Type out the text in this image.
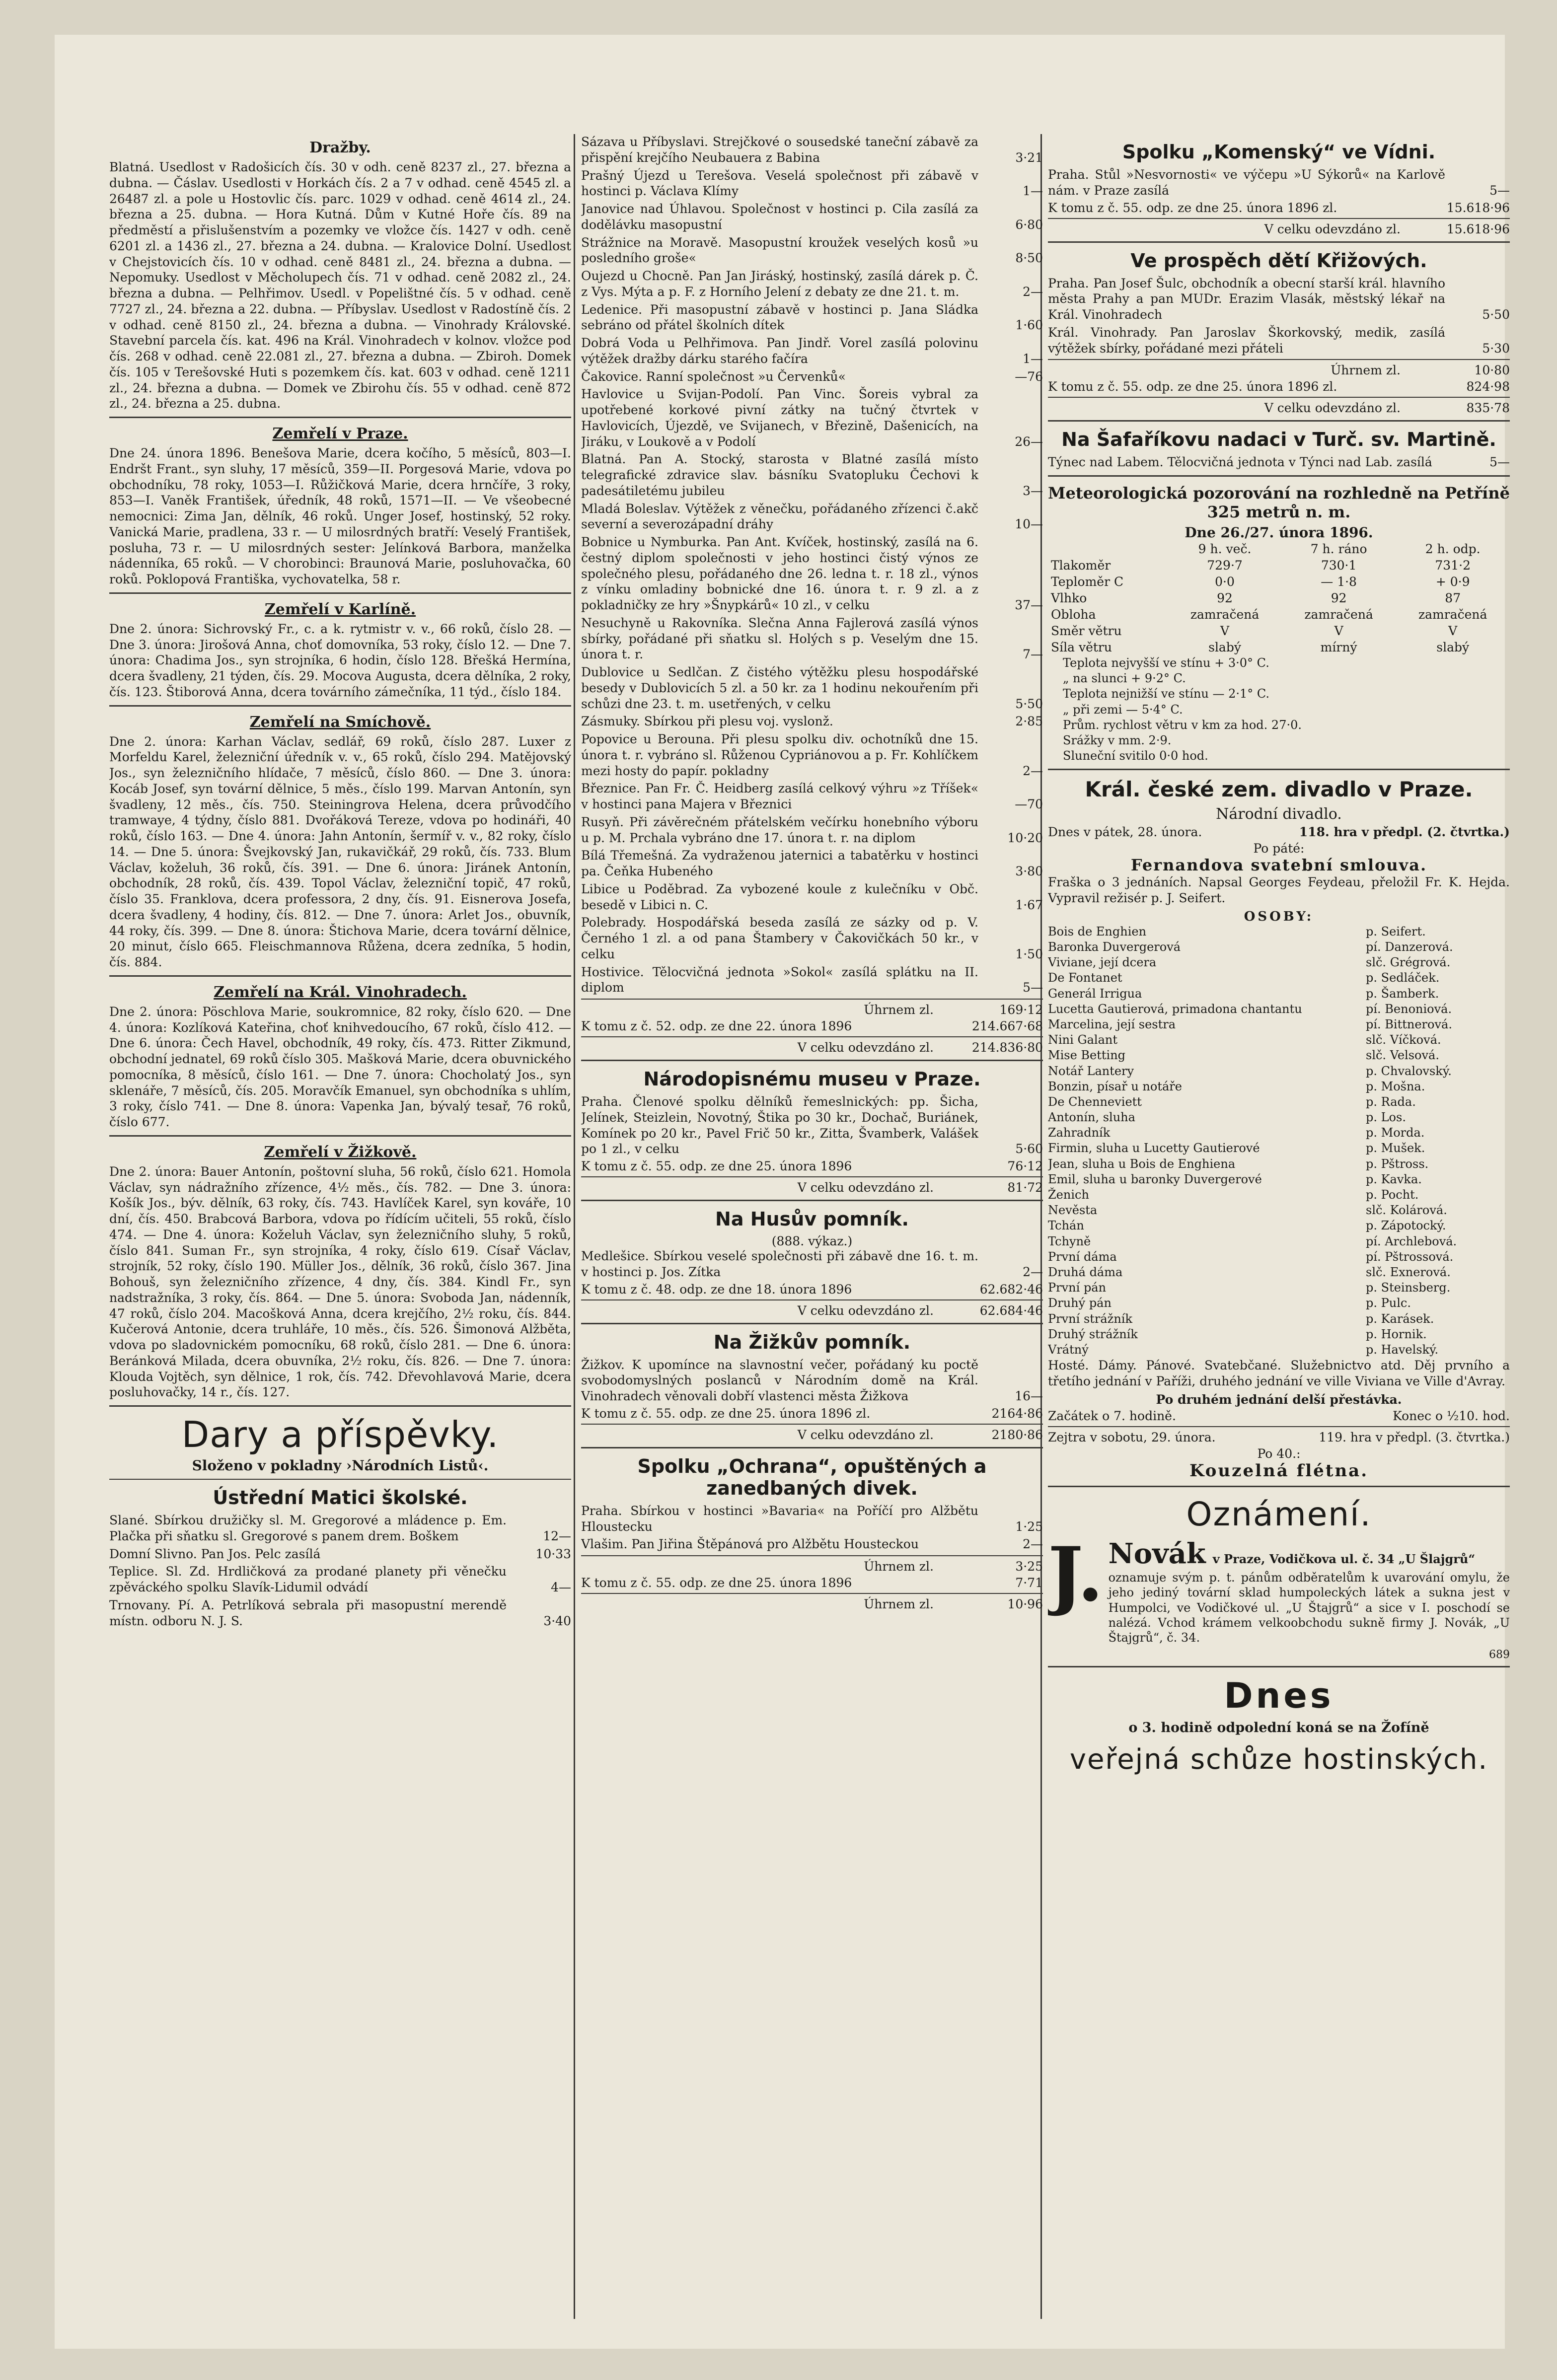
Dražby.

Blatná. Usedlost v Radošicích čís. 30 v odh. ceně 8237 zl., 27. března a dubna. — Čáslav. Usedlosti v Horkách čís. 2 a 7 v odhad. ceně 4545 zl. a 26487 zl. a pole u Hostovlic čís. parc. 1029 v odhad. ceně 4614 zl., 24. března a 25. dubna. — Hora Kutná. Dům v Kutné Hoře čís. 89 na předměstí a přislušenstvím a pozemky ve vložce čís. 1427 v odh. ceně 6201 zl. a 1436 zl., 27. března a 24. dubna. — Kralovice Dolní. Usedlost v Chejstovicích čís. 10 v odhad. ceně 8481 zl., 24. března a dubna. — Nepomuky. Usedlost v Měcholupech čís. 71 v odhad. ceně 2082 zl., 24. března a dubna. — Pelhřimov. Usedl. v Popelištné čís. 5 v odhad. ceně 7727 zl., 24. března a 22. dubna. — Příbyslav. Usedlost v Radostíně čís. 2 v odhad. ceně 8150 zl., 24. března a dubna. — Vinohrady Královské. Stavební parcela čís. kat. 496 na Král. Vinohradech v kolnov. vložce pod čís. 268 v odhad. ceně 22.081 zl., 27. března a dubna. — Zbiroh. Domek čís. 105 v Terešovské Huti s pozemkem čís. kat. 603 v odhad. ceně 1211 zl., 24. března a dubna. — Domek ve Zbirohu čís. 55 v odhad. ceně 872 zl., 24. března a 25. dubna.

Zemřelí v Praze.

Dne 24. února 1896. Benešova Marie, dcera kočího, 5 měsíců, 803—I. Endršt Frant., syn sluhy, 17 měsíců, 359—II. Porgesová Marie, vdova po obchodníku, 78 roky, 1053—I. Růžičková Marie, dcera hrnčíře, 3 roky, 853—I. Vaněk František, úředník, 48 roků, 1571—II. — Ve všeobecné nemocnici: Zima Jan, dělník, 46 roků. Unger Josef, hostinský, 52 roky. Vanická Marie, pradlena, 33 r. — U milosrdných bratří: Veselý František, posluha, 73 r. — U milosrdných sester: Jelínková Barbora, manželka nádenníka, 65 roků. — V chorobinci: Braunová Marie, posluhovačka, 60 roků. Poklopová Františka, vychovatelka, 58 r.

Zemřelí v Karlíně.

Dne 2. února: Sichrovský Fr., c. a k. rytmistr v. v., 66 roků, číslo 28. — Dne 3. února: Jirošová Anna, choť domovníka, 53 roky, číslo 12. — Dne 7. února: Chadima Jos., syn strojníka, 6 hodin, číslo 128. Břešká Hermína, dcera švadleny, 21 týden, čís. 29. Mocova Augusta, dcera dělníka, 2 roky, čís. 123. Štiborová Anna, dcera továrního zámečníka, 11 týd., číslo 184.

Zemřelí na Smíchově.

Dne 2. února: Karhan Václav, sedlář, 69 roků, číslo 287. Luxer z Morfeldu Karel, železniční úředník v. v., 65 roků, číslo 294. Matějovský Jos., syn železničního hlídače, 7 měsíců, číslo 860. — Dne 3. února: Kocáb Josef, syn tovární dělnice, 5 měs., číslo 199. Marvan Antonín, syn švadleny, 12 měs., čís. 750. Steiningrova Helena, dcera průvodčího tramwaye, 4 týdny, číslo 881. Dvořáková Tereze, vdova po hodináři, 40 roků, číslo 163. — Dne 4. února: Jahn Antonín, šermíř v. v., 82 roky, číslo 14. — Dne 5. února: Švejkovský Jan, rukavičkář, 29 roků, čís. 733. Blum Václav, koželuh, 36 roků, čís. 391. — Dne 6. února: Jiránek Antonín, obchodník, 28 roků, čís. 439. Topol Václav, železniční topič, 47 roků, číslo 35. Franklova, dcera professora, 2 dny, čís. 91. Eisnerova Josefa, dcera švadleny, 4 hodiny, čís. 812. — Dne 7. února: Arlet Jos., obuvník, 44 roky, čís. 399. — Dne 8. února: Štichova Marie, dcera tovární dělnice, 20 minut, číslo 665. Fleischmannova Růžena, dcera zedníka, 5 hodin, čís. 884.

Zemřelí na Král. Vinohradech.

Dne 2. února: Pöschlova Marie, soukromnice, 82 roky, číslo 620. — Dne 4. února: Kozlíková Kateřina, choť knihvedoucího, 67 roků, číslo 412. — Dne 6. února: Čech Havel, obchodník, 49 roky, čís. 473. Ritter Zikmund, obchodní jednatel, 69 roků číslo 305. Mašková Marie, dcera obuvnického pomocníka, 8 měsíců, číslo 161. — Dne 7. února: Chocholatý Jos., syn sklenáře, 7 měsíců, čís. 205. Moravčík Emanuel, syn obchodníka s uhlím, 3 roky, číslo 741. — Dne 8. února: Vapenka Jan, bývalý tesař, 76 roků, číslo 677.

Zemřelí v Žižkově.

Dne 2. února: Bauer Antonín, poštovní sluha, 56 roků, číslo 621. Homola Václav, syn nádražního zřízence, 4½ měs., čís. 782. — Dne 3. února: Košík Jos., býv. dělník, 63 roky, čís. 743. Havlíček Karel, syn kováře, 10 dní, čís. 450. Brabcová Barbora, vdova po řídícím učiteli, 55 roků, číslo 474. — Dne 4. února: Koželuh Václav, syn železničního sluhy, 5 roků, číslo 841. Suman Fr., syn strojníka, 4 roky, číslo 619. Císař Václav, strojník, 52 roky, číslo 190. Müller Jos., dělník, 36 roků, číslo 367. Jina Bohouš, syn železničního zřízence, 4 dny, čís. 384. Kindl Fr., syn nadstražníka, 3 roky, čís. 864. — Dne 5. února: Svoboda Jan, nádenník, 47 roků, číslo 204. Macošková Anna, dcera krejčího, 2½ roku, čís. 844. Kučerová Antonie, dcera truhláře, 10 měs., čís. 526. Šimonová Alžběta, vdova po sladovnickém pomocníku, 68 roků, číslo 281. — Dne 6. února: Beránková Milada, dcera obuvníka, 2½ roku, čís. 826. — Dne 7. února: Klouda Vojtěch, syn dělnice, 1 rok, čís. 742. Dřevohlavová Marie, dcera posluhovačky, 14 r., čís. 127.

Dary a příspěvky.
Složeno v pokladny ›Národních Listů‹.
Ústřední Matici školské.
Slané. Sbírkou družičky sl. M. Gregorové a mládence p. Em. Plačka při sňatku sl. Gregorové s panem drem. Boškem	12—
Domní Slivno. Pan Jos. Pelc zasílá	10·33
Teplice. Sl. Zd. Hrdličková za prodané planety při věnečku zpěváckého spolku Slavík-Lidumil odvádí	4—
Trnovany. Pí. A. Petrlíková sebrala při masopustní merendě místn. odboru N. J. S.	3·40
Sázava u Příbyslavi. Strejčkové o sousedské taneční zábavě za přispění krejčího Neubauera z Babina	3·21
Prašný Újezd u Terešova. Veselá společnost při zábavě v hostinci p. Václava Klímy	1—
Janovice nad Úhlavou. Společnost v hostinci p. Cila zasílá za dodělávku masopustní	6·80
Strážnice na Moravě. Masopustní kroužek veselých kosů »u posledního groše«	8·50
Oujezd u Chocně. Pan Jan Jiráský, hostinský, zasílá dárek p. Č. z Vys. Mýta a p. F. z Horního Jelení z debaty ze dne 21. t. m.	2—
Ledenice. Při masopustní zábavě v hostinci p. Jana Sládka sebráno od přátel školních dítek	1·60
Dobrá Voda u Pelhřimova. Pan Jindř. Vorel zasílá polovinu výtěžek dražby dárku starého fačíra	1—
Čakovice. Ranní společnost »u Červenků«	—76
Havlovice u Svijan-Podolí. Pan Vinc. Šoreis vybral za upotřebené korkové pivní zátky na tučný čtvrtek v Havlovicích, Újezdě, ve Svijanech, v Březině, Dašenicích, na Jiráku, v Loukově a v Podolí	26—
Blatná. Pan A. Stocký, starosta v Blatné zasílá místo telegrafické zdravice slav. básníku Svatopluku Čechovi k padesátiletému jubileu	3—
Mladá Boleslav. Výtěžek z věnečku, pořádaného zřízenci č.akč severní a severozápadní dráhy	10—
Bobnice u Nymburka. Pan Ant. Kvíček, hostinský, zasílá na 6. čestný diplom společnosti v jeho hostinci čistý výnos ze společného plesu, pořádaného dne 26. ledna t. r. 18 zl., výnos z vínku omladiny bobnické dne 16. února t. r. 9 zl. a z pokladničky ze hry »Šnypkárů« 10 zl., v celku	37—
Nesuchyně u Rakovníka. Slečna Anna Fajlerová zasílá výnos sbírky, pořádané při sňatku sl. Holých s p. Veselým dne 15. února t. r.	7—
Dublovice u Sedlčan. Z čistého výtěžku plesu hospodářské besedy v Dublovicích 5 zl. a 50 kr. za 1 hodinu nekouřením při schůzi dne 23. t. m. usetřených, v celku	5·50
Zásmuky. Sbírkou při plesu voj. vyslonž.	2·85
Popovice u Berouna. Při plesu spolku div. ochotníků dne 15. února t. r. vybráno sl. Růženou Cypriánovou a p. Fr. Kohlíčkem mezi hosty do papír. pokladny	2—
Březnice. Pan Fr. Č. Heidberg zasílá celkový výhru »z Tříšek« v hostinci pana Majera v Březnici	—70
Rusyň. Při závěrečném přátelském večírku honebního výboru u p. M. Prchala vybráno dne 17. února t. r. na diplom	10·20
Bílá Třemešná. Za vydraženou jaternici a tabatěrku v hostinci pa. Čeňka Hubeného	3·80
Libice u Poděbrad. Za vybozené koule z kulečníku v Obč. besedě v Libici n. C.	1·67
Polebrady. Hospodářská beseda zasílá ze sázky od p. V. Černého 1 zl. a od pana Štambery v Čakovičkách 50 kr., v celku	1·50
Hostivice. Tělocvičná jednota »Sokol« zasílá splátku na II. diplom	5—
Úhrnem zl.	169·12
K tomu z č. 52. odp. ze dne 22. února 1896	214.667·68
V celku odevzdáno zl.	214.836·80
Národopisnému museu v Praze.
Praha. Členové spolku dělníků řemeslnických: pp. Šicha, Jelínek, Steizlein, Novotný, Štika po 30 kr., Dochač, Buriánek, Komínek po 20 kr., Pavel Frič 50 kr., Zitta, Švamberk, Valášek po 1 zl., v celku	5·60
K tomu z č. 55. odp. ze dne 25. února 1896	76·12
V celku odevzdáno zl.	81·72
Na Husův pomník.
(888. výkaz.)
Medlešice. Sbírkou veselé společnosti při zábavě dne 16. t. m. v hostinci p. Jos. Zítka	2—
K tomu z č. 48. odp. ze dne 18. února 1896	62.682·46
V celku odevzdáno zl.	62.684·46
Na Žižkův pomník.
Žižkov. K upomínce na slavnostní večer, pořádaný ku poctě svobodomyslných poslanců v Národním domě na Král. Vinohradech věnovali dobří vlastenci města Žižkova	16—
K tomu z č. 55. odp. ze dne 25. února 1896 zl.	2164·86
V celku odevzdáno zl.	2180·86
Spolku „Ochrana“, opuštěných a zanedbaných divek.
Praha. Sbírkou v hostinci »Bavaria« na Poříčí pro Alžbětu Hloustecku	1·25
Vlašim. Pan Jiřina Štěpánová pro Alžbětu Housteckou	2—
Úhrnem zl.	3·25
K tomu z č. 55. odp. ze dne 25. února 1896	7·71
Úhrnem zl.	10·96
Spolku „Komenský“ ve Vídni.
Praha. Stůl »Nesvornosti« ve výčepu »U Sýkorů« na Karlově nám. v Praze zasílá	5—
K tomu z č. 55. odp. ze dne 25. února 1896 zl.	15.618·96
V celku odevzdáno zl.	15.618·96
Ve prospěch dětí Křižových.
Praha. Pan Josef Šulc, obchodník a obecní starší král. hlavního města Prahy a pan MUDr. Erazim Vlasák, městský lékař na Král. Vinohradech	5·50
Král. Vinohrady. Pan Jaroslav Škorkovský, medik, zasílá výtěžek sbírky, pořádané mezi přáteli	5·30
Úhrnem zl.	10·80
K tomu z č. 55. odp. ze dne 25. února 1896 zl.	824·98
V celku odevzdáno zl.	835·78
Na Šafaříkovu nadaci v Turč. sv. Martině.
Týnec nad Labem. Tělocvičná jednota v Týnci nad Lab. zasílá	5—
Meteorologická pozorování na rozhledně na Petříně 325 metrů n. m.
Dne 26./27. února 1896.
	9 h. več.	7 h. ráno	2 h. odp.
Tlakoměr	729·7	730·1	731·2
Teploměr C	0·0	— 1·8	+ 0·9
Vlhko	92	92	87
Obloha	zamračená	zamračená	zamračená
Směr větru	V	V	V
Síla větru	slabý	mírný	slabý
Teplota nejvyšší ve stínu + 3·0° C.
„ na slunci + 9·2° C.
Teplota nejnižší ve stínu — 2·1° C.
„ při zemi — 5·4° C.
Prům. rychlost větru v km za hod. 27·0.
Srážky v mm. 2·9.
Sluneční svitilo 0·0 hod.
Král. české zem. divadlo v Praze.
Národní divadlo.
Dnes v pátek, 28. února.	118. hra v předpl. (2. čtvrtka.)
Po páté:
Fernandova svatební smlouva.

Fraška o 3 jednáních. Napsal Georges Feydeau, přeložil Fr. K. Hejda. Vypravil režisér p. J. Seifert.

OSOBY:
Bois de Enghien	p. Seifert.
Baronka Duvergerová	pí. Danzerová.
Viviane, její dcera	slč. Grégrová.
De Fontanet	p. Sedláček.
Generál Irrigua	p. Šamberk.
Lucetta Gautierová, primadona chantantu	pí. Benoniová.
Marcelina, její sestra	pí. Bittnerová.
Nini Galant	slč. Víčková.
Mise Betting	slč. Velsová.
Notář Lantery	p. Chvalovský.
Bonzin, písař u notáře	p. Mošna.
De Chenneviett	p. Rada.
Antonín, sluha	p. Los.
Zahradník	p. Morda.
Firmin, sluha u Lucetty Gautierové	p. Mušek.
Jean, sluha u Bois de Enghiena	p. Pštross.
Emil, sluha u baronky Duvergerové	p. Kavka.
Ženich	p. Pocht.
Nevěsta	slč. Kolárová.
Tchán	p. Zápotocký.
Tchyně	pí. Archlebová.
První dáma	pí. Pštrossová.
Druhá dáma	slč. Exnerová.
První pán	p. Steinsberg.
Druhý pán	p. Pulc.
První strážník	p. Karásek.
Druhý strážník	p. Hornik.
Vrátný	p. Havelský.

Hosté. Dámy. Pánové. Svatebčané. Služebnictvo atd. Děj prvního a třetího jednání v Paříži, druhého jednání ve ville Viviana ve Ville d'Avray.

Po druhém jednání delší přestávka.
Začátek o 7. hodině.	Konec o ½10. hod.
Zejtra v sobotu, 29. února.	119. hra v předpl. (3. čtvrtka.)
Po 40.:
Kouzelná flétna.
Oznámení.
J. Novák v Praze, Vodičkova ul. č. 34 „U Šlajgrů“

oznamuje svým p. t. pánům odběratelům k uvarování omylu, že jeho jediný tovární sklad humpoleckých látek a sukna jest v Humpolci, ve Vodičkové ul. „U Štajgrů“ a sice v I. poschodí se nalézá. Vchod krámem velkoobchodu sukně firmy J. Novák, „U Štajgrů“, č. 34.

689
Dnes
o 3. hodině odpolední koná se na Žofíně
veřejná schůze hostinských.
